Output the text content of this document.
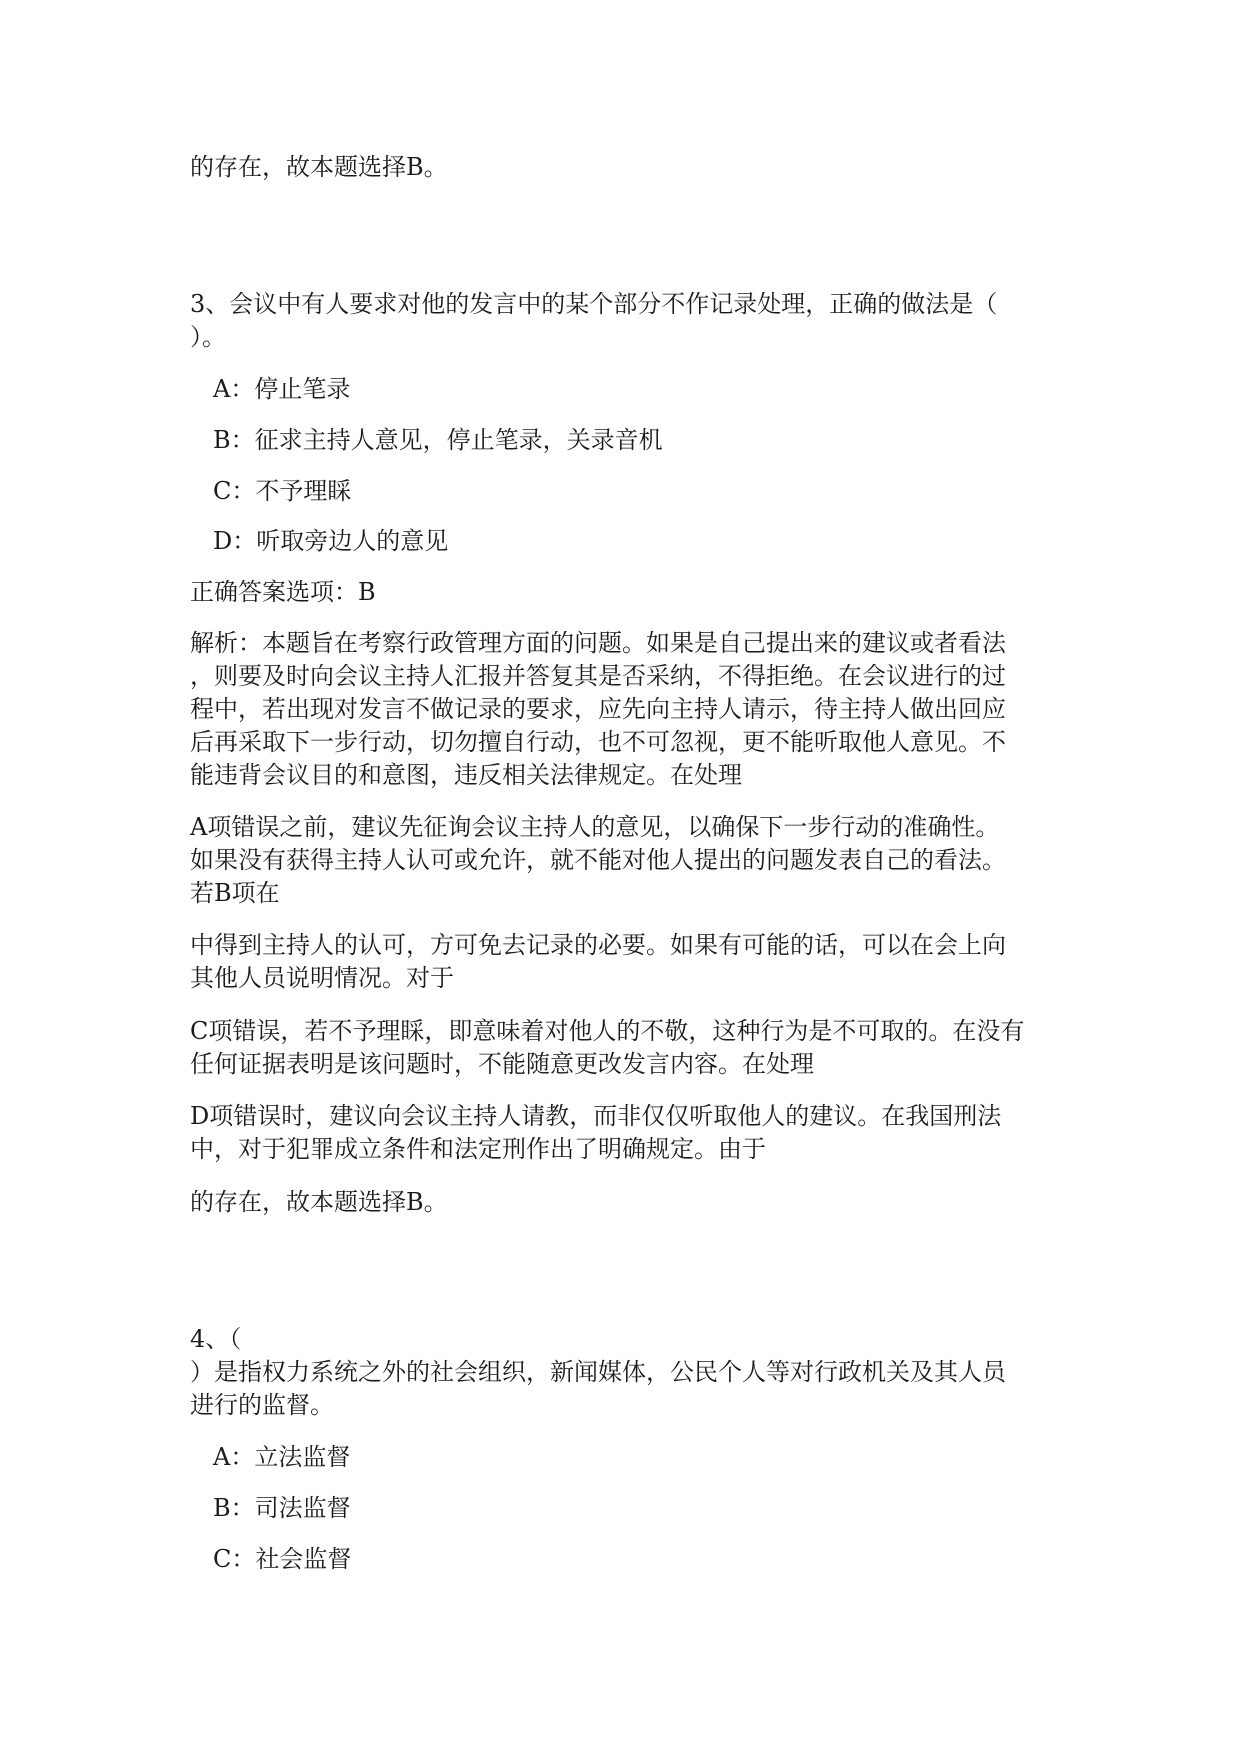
的存在，故本题选择B。
3、会议中有人要求对他的发言中的某个部分不作记录处理，正确的做法是（
）。
A：停止笔录
B：征求主持人意见，停止笔录，关录音机
C：不予理睬
D：听取旁边人的意见
正确答案选项：B
解析：本题旨在考察行政管理方面的问题。如果是自己提出来的建议或者看法
，则要及时向会议主持人汇报并答复其是否采纳，不得拒绝。在会议进行的过
程中，若出现对发言不做记录的要求，应先向主持人请示，待主持人做出回应
后再采取下一步行动，切勿擅自行动，也不可忽视，更不能听取他人意见。不
能违背会议目的和意图，违反相关法律规定。在处理
A项错误之前，建议先征询会议主持人的意见，以确保下一步行动的准确性。
如果没有获得主持人认可或允许，就不能对他人提出的问题发表自己的看法。
若B项在
中得到主持人的认可，方可免去记录的必要。如果有可能的话，可以在会上向
其他人员说明情况。对于
C项错误，若不予理睬，即意味着对他人的不敬，这种行为是不可取的。在没有
任何证据表明是该问题时，不能随意更改发言内容。在处理
D项错误时，建议向会议主持人请教，而非仅仅听取他人的建议。在我国刑法
中，对于犯罪成立条件和法定刑作出了明确规定。由于
的存在，故本题选择B。
4、（
）是指权力系统之外的社会组织，新闻媒体，公民个人等对行政机关及其人员
进行的监督。
A：立法监督
B：司法监督
C：社会监督
